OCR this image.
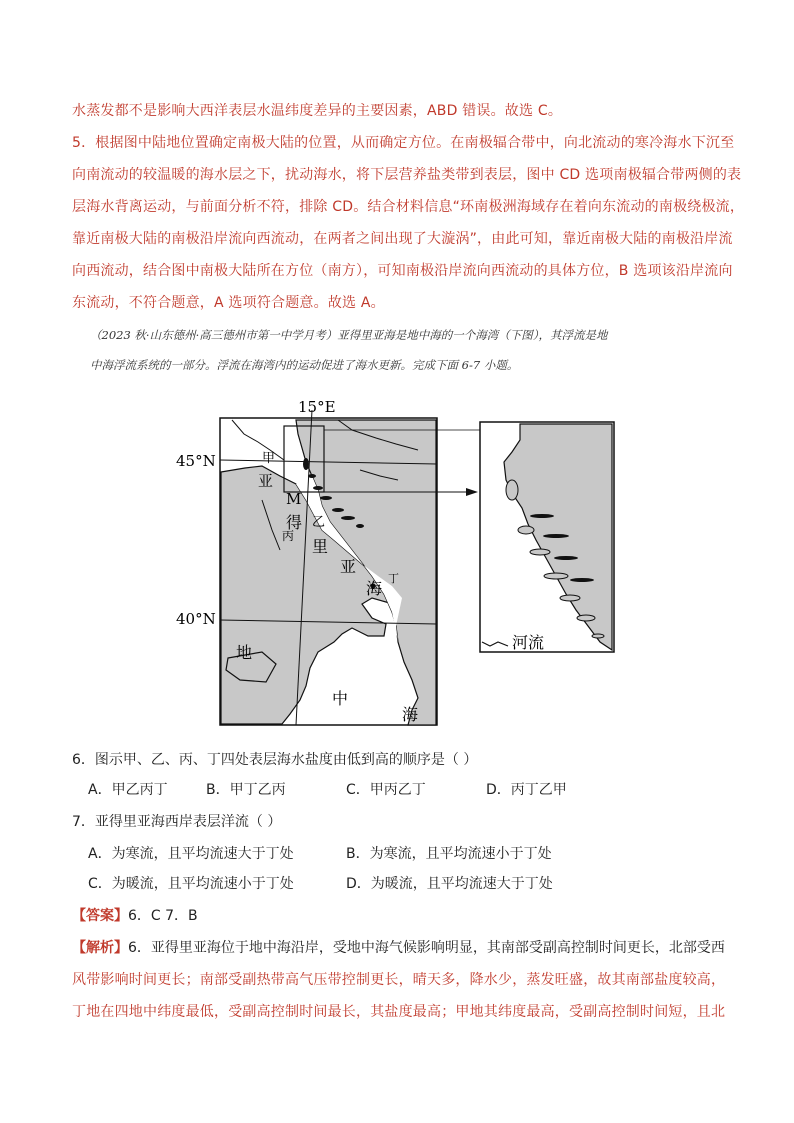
水蒸发都不是影响大西洋表层水温纬度差异的主要因素，ABD 错误。故选 C。
5．根据图中陆地位置确定南极大陆的位置，从而确定方位。在南极辐合带中，向北流动的寒冷海水下沉至
向南流动的较温暖的海水层之下，扰动海水，将下层营养盐类带到表层，图中 CD 选项南极辐合带两侧的表
层海水背离运动，与前面分析不符，排除 CD。结合材料信息“环南极洲海域存在着向东流动的南极绕极流，
靠近南极大陆的南极沿岸流向西流动，在两者之间出现了大漩涡”，由此可知，靠近南极大陆的南极沿岸流
向西流动，结合图中南极大陆所在方位（南方），可知南极沿岸流向西流动的具体方位，B 选项该沿岸流向
东流动，不符合题意，A 选项符合题意。故选 A。
（2023 秋·山东德州·高三德州市第一中学月考）亚得里亚海是地中海的一个海湾（下图），其浮流是地
中海浮流系统的一部分。浮流在海湾内的运动促进了海水更新。完成下面 6-7 小题。
15°E
45°N
40°N
甲
亚
M
得
丙
乙
里
亚
海
丁
地
中
海
河流
6．图示甲、乙、丙、丁四处表层海水盐度由低到高的顺序是（ ）
A．甲乙丙丁	B．甲丁乙丙	C．甲丙乙丁	D．丙丁乙甲
7．亚得里亚海西岸表层洋流（ ）
A．为寒流，且平均流速大于丁处	B．为寒流，且平均流速小于丁处
C．为暖流，且平均流速小于丁处	D．为暖流，且平均流速大于丁处
【答案】6．C 7．B
【解析】6．亚得里亚海位于地中海沿岸，受地中海气候影响明显，其南部受副高控制时间更长，北部受西
风带影响时间更长；南部受副热带高气压带控制更长，晴天多，降水少，蒸发旺盛，故其南部盐度较高，
丁地在四地中纬度最低，受副高控制时间最长，其盐度最高；甲地其纬度最高，受副高控制时间短，且北
